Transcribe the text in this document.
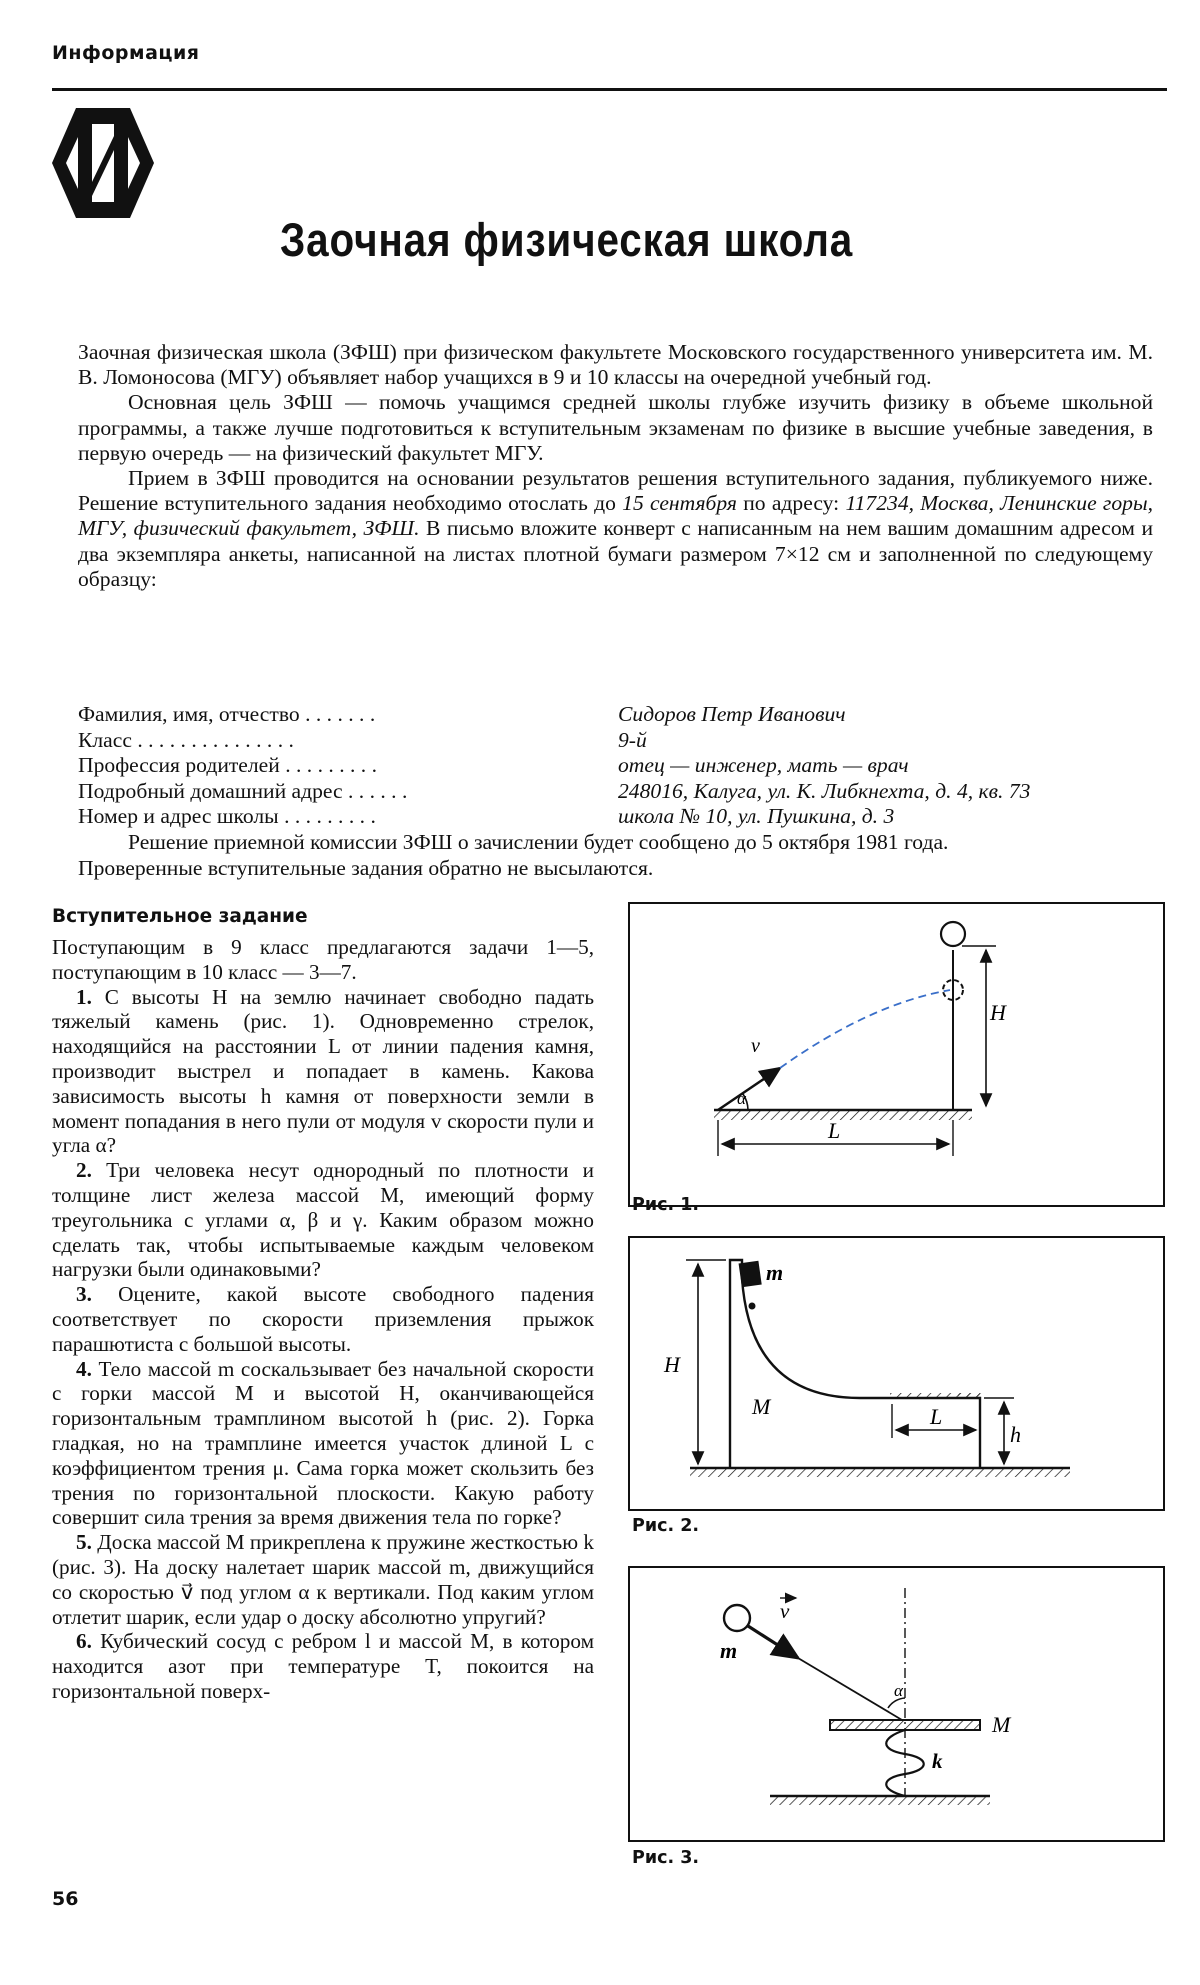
Информация
Заочная физическая школа

Заочная физическая школа (ЗФШ) при физическом факультете Московского государственного университета им. М. В. Ломоносова (МГУ) объявляет набор учащихся в 9 и 10 классы на очередной учебный год.

Основная цель ЗФШ — помочь учащимся средней школы глубже изучить физику в объеме школьной программы, а также лучше подготовиться к вступительным экзаменам по физике в высшие учебные заведения, в первую очередь — на физический факультет МГУ.

Прием в ЗФШ проводится на основании результатов решения вступительного задания, публикуемого ниже. Решение вступительного задания необходимо отослать до 15 сентября по адресу: 117234, Москва, Ленинские горы, МГУ, физический факультет, ЗФШ. В письмо вложите конверт с написанным на нем вашим домашним адресом и два экземпляра анкеты, написанной на листах плотной бумаги размером 7×12 см и заполненной по следующему образцу:

Фамилия, имя, отчество . . . . . . .	Сидоров Петр Иванович
Класс . . . . . . . . . . . . . . .	9-й
Профессия родителей . . . . . . . . .	отец — инженер, мать — врач
Подробный домашний адрес . . . . . .	248016, Калуга, ул. К. Либкнехта, д. 4, кв. 73
Номер и адрес школы . . . . . . . . .	школа № 10, ул. Пушкина, д. 3

Решение приемной комиссии ЗФШ о зачислении будет сообщено до 5 октября 1981 года.

Проверенные вступительные задания обратно не высылаются.

Вступительное задание

Поступающим в 9 класс предлагаются задачи 1—5, поступающим в 10 класс — 3—7.

1. С высоты H на землю начинает свободно падать тяжелый камень (рис. 1). Одновременно стрелок, находящийся на расстоянии L от линии падения камня, производит выстрел и попадает в камень. Какова зависимость высоты h камня от поверхности земли в момент попадания в него пули от модуля v скорости пули и угла α?

2. Три человека несут однородный по плотности и толщине лист железа массой M, имеющий форму треугольника с углами α, β и γ. Каким образом можно сделать так, чтобы испытываемые каждым человеком нагрузки были одинаковыми?

3. Оцените, какой высоте свободного падения соответствует по скорости приземления прыжок парашютиста с большой высоты.

4. Тело массой m соскальзывает без начальной скорости с горки массой M и высотой H, оканчивающейся горизонтальным трамплином высотой h (рис. 2). Горка гладкая, но на трамплине имеется участок длиной L с коэффициентом трения μ. Сама горка может скользить без трения по горизонтальной плоскости. Какую работу совершит сила трения за время движения тела по горке?

5. Доска массой M прикреплена к пружине жесткостью k (рис. 3). На доску налетает шарик массой m, движущийся со скоростью v⃗ под углом α к вертикали. Под каким углом отлетит шарик, если удар о доску абсолютно упругий?

6. Кубический сосуд с ребром l и массой M, в котором находится азот при температуре T, покоится на горизонтальной поверх-

α
v
H
L
Рис. 1.
m
M
H
L
h
Рис. 2.
v
m
α
M
k
Рис. 3.
56
